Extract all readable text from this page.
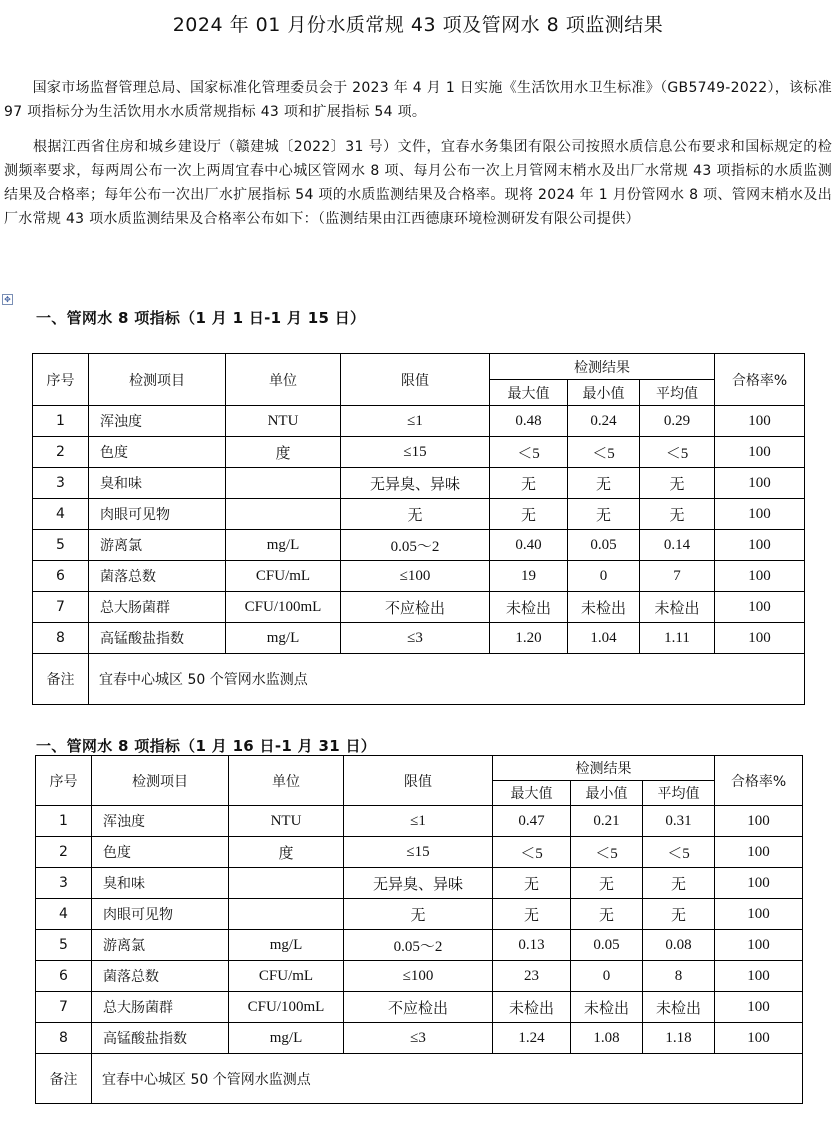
2024 年 01 月份水质常规 43 项及管网水 8 项监测结果
　　国家市场监督管理总局、国家标准化管理委员会于 2023 年 4 月 1 日实施《生活饮用水卫生标准》（GB5749-2022），该标准 97 项指标分为生活饮用水水质常规指标 43 项和扩展指标 54 项。
　　根据江西省住房和城乡建设厅（赣建城〔2022〕31 号）文件，宜春水务集团有限公司按照水质信息公布要求和国标规定的检测频率要求，每两周公布一次上两周宜春中心城区管网水 8 项、每月公布一次上月管网末梢水及出厂水常规 43 项指标的水质监测结果及合格率；每年公布一次出厂水扩展指标 54 项的水质监测结果及合格率。现将 2024 年 1 月份管网水 8 项、管网末梢水及出厂水常规 43 项水质监测结果及合格率公布如下：（监测结果由江西德康环境检测研发有限公司提供）
✥
一、管网水 8 项指标（1 月 1 日-1 月 15 日）
序号	检测项目	单位	限值	检测结果			合格率%
				最大值	最小值	平均值	
1	浑浊度	NTU	≤1	0.48	0.24	0.29	100
2	色度	度	≤15	＜5	＜5	＜5	100
3	臭和味		无异臭、异味	无	无	无	100
4	肉眼可见物		无	无	无	无	100
5	游离氯	mg/L	0.05～2	0.40	0.05	0.14	100
6	菌落总数	CFU/mL	≤100	19	0	7	100
7	总大肠菌群	CFU/100mL	不应检出	未检出	未检出	未检出	100
8	高锰酸盐指数	mg/L	≤3	1.20	1.04	1.11	100
备注	宜春中心城区 50 个管网水监测点						
一、管网水 8 项指标（1 月 16 日-1 月 31 日）
序号	检测项目	单位	限值	检测结果			合格率%
				最大值	最小值	平均值	
1	浑浊度	NTU	≤1	0.47	0.21	0.31	100
2	色度	度	≤15	＜5	＜5	＜5	100
3	臭和味		无异臭、异味	无	无	无	100
4	肉眼可见物		无	无	无	无	100
5	游离氯	mg/L	0.05～2	0.13	0.05	0.08	100
6	菌落总数	CFU/mL	≤100	23	0	8	100
7	总大肠菌群	CFU/100mL	不应检出	未检出	未检出	未检出	100
8	高锰酸盐指数	mg/L	≤3	1.24	1.08	1.18	100
备注	宜春中心城区 50 个管网水监测点						
